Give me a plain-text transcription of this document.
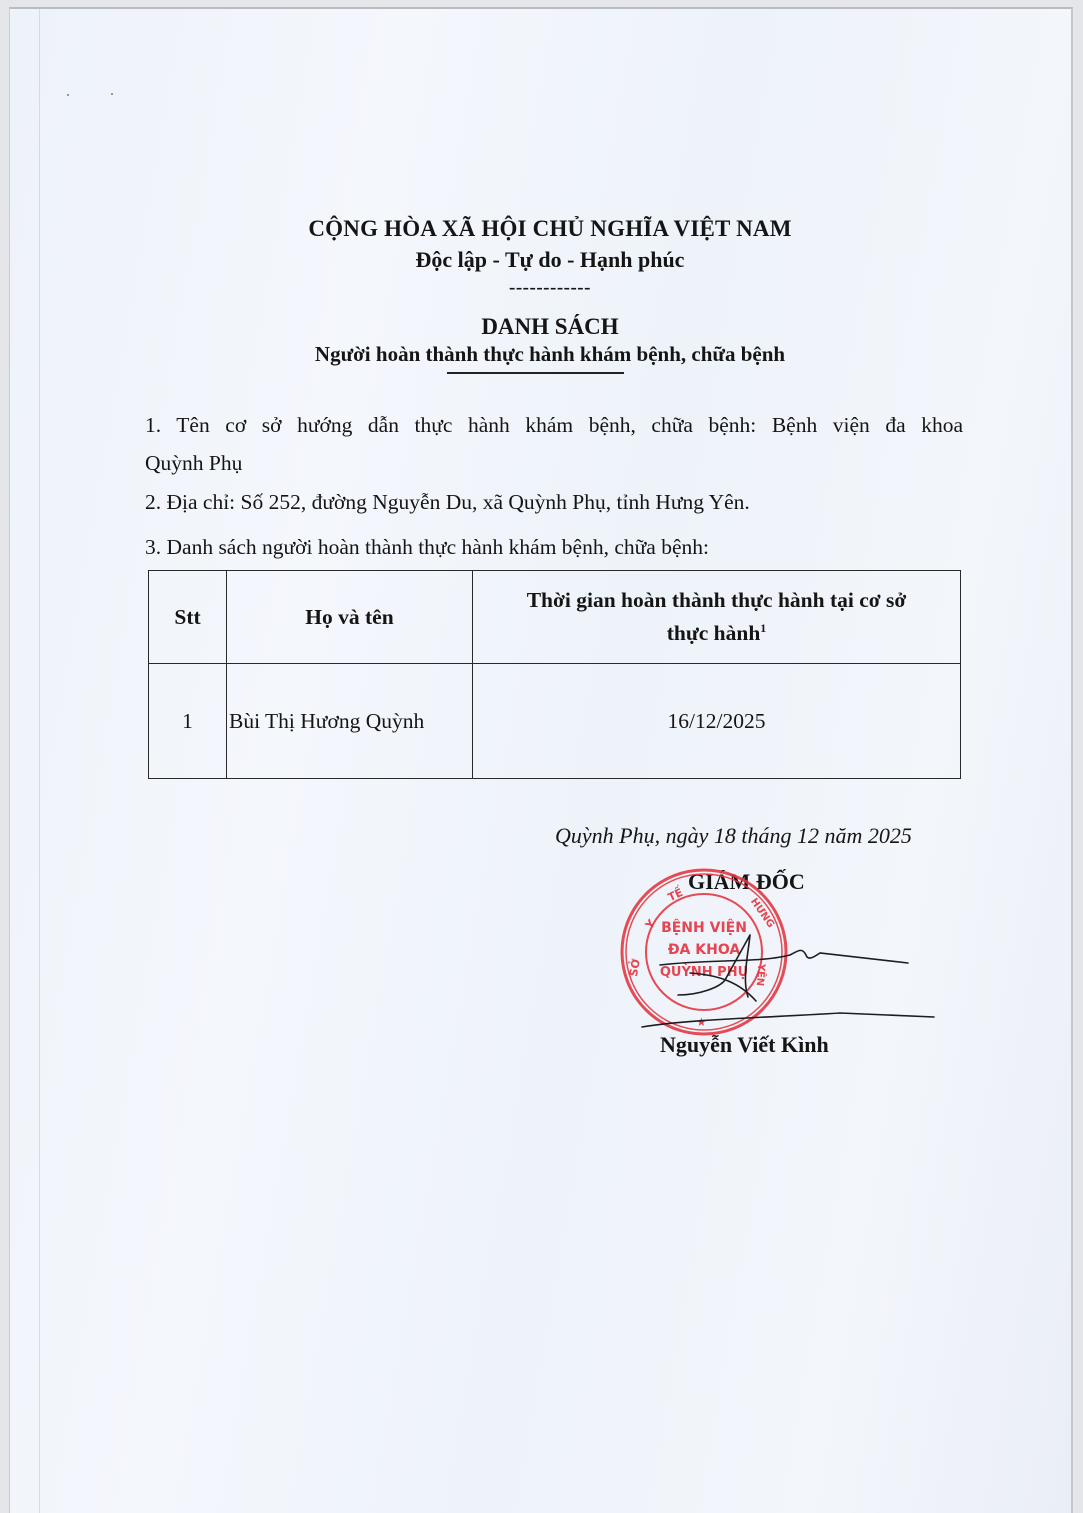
CỘNG HÒA XÃ HỘI CHỦ NGHĨA VIỆT NAM
Độc lập - Tự do - Hạnh phúc
------------
DANH SÁCH
Người hoàn thành thực hành khám bệnh, chữa bệnh
1. Tên cơ sở hướng dẫn thực hành khám bệnh, chữa bệnh: Bệnh viện đa khoa
Quỳnh Phụ
2. Địa chỉ: Số 252, đường Nguyễn Du, xã Quỳnh Phụ, tỉnh Hưng Yên.
3. Danh sách người hoàn thành thực hành khám bệnh, chữa bệnh:
Stt	Họ và tên	Thời gian hoàn thành thực hành tại cơ sở
thực hành$^1$
1	Bùi Thị Hương Quỳnh	16/12/2025
Quỳnh Phụ, ngày 18 tháng 12 năm 2025
GIÁM ĐỐC
SỞ
Y
TẾ
HƯNG
YÊN
BỆNH VIỆN
ĐA KHOA
QUỲNH PHỤ
★
Nguyễn Viết Kình
